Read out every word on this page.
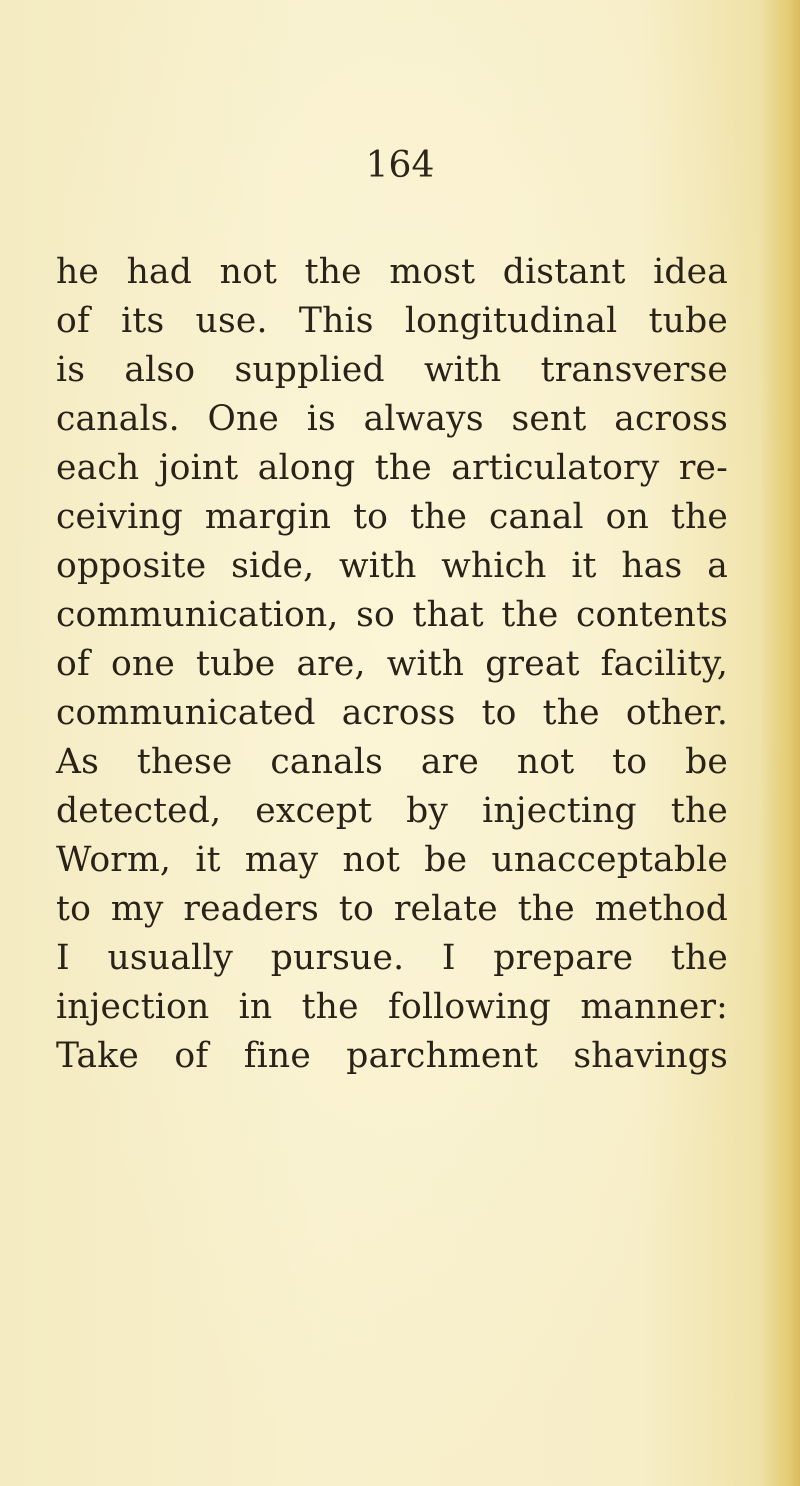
164
he had not the most distant idea
of its use. This longitudinal tube
is also supplied with transverse
canals. One is always sent across
each joint along the articulatory re-
ceiving margin to the canal on the
opposite side, with which it has a
communication, so that the contents
of one tube are, with great facility,
communicated across to the other.
As these canals are not to be
detected, except by injecting the
Worm, it may not be unacceptable
to my readers to relate the method
I usually pursue. I prepare the
injection in the following manner:
Take of fine parchment shavings
